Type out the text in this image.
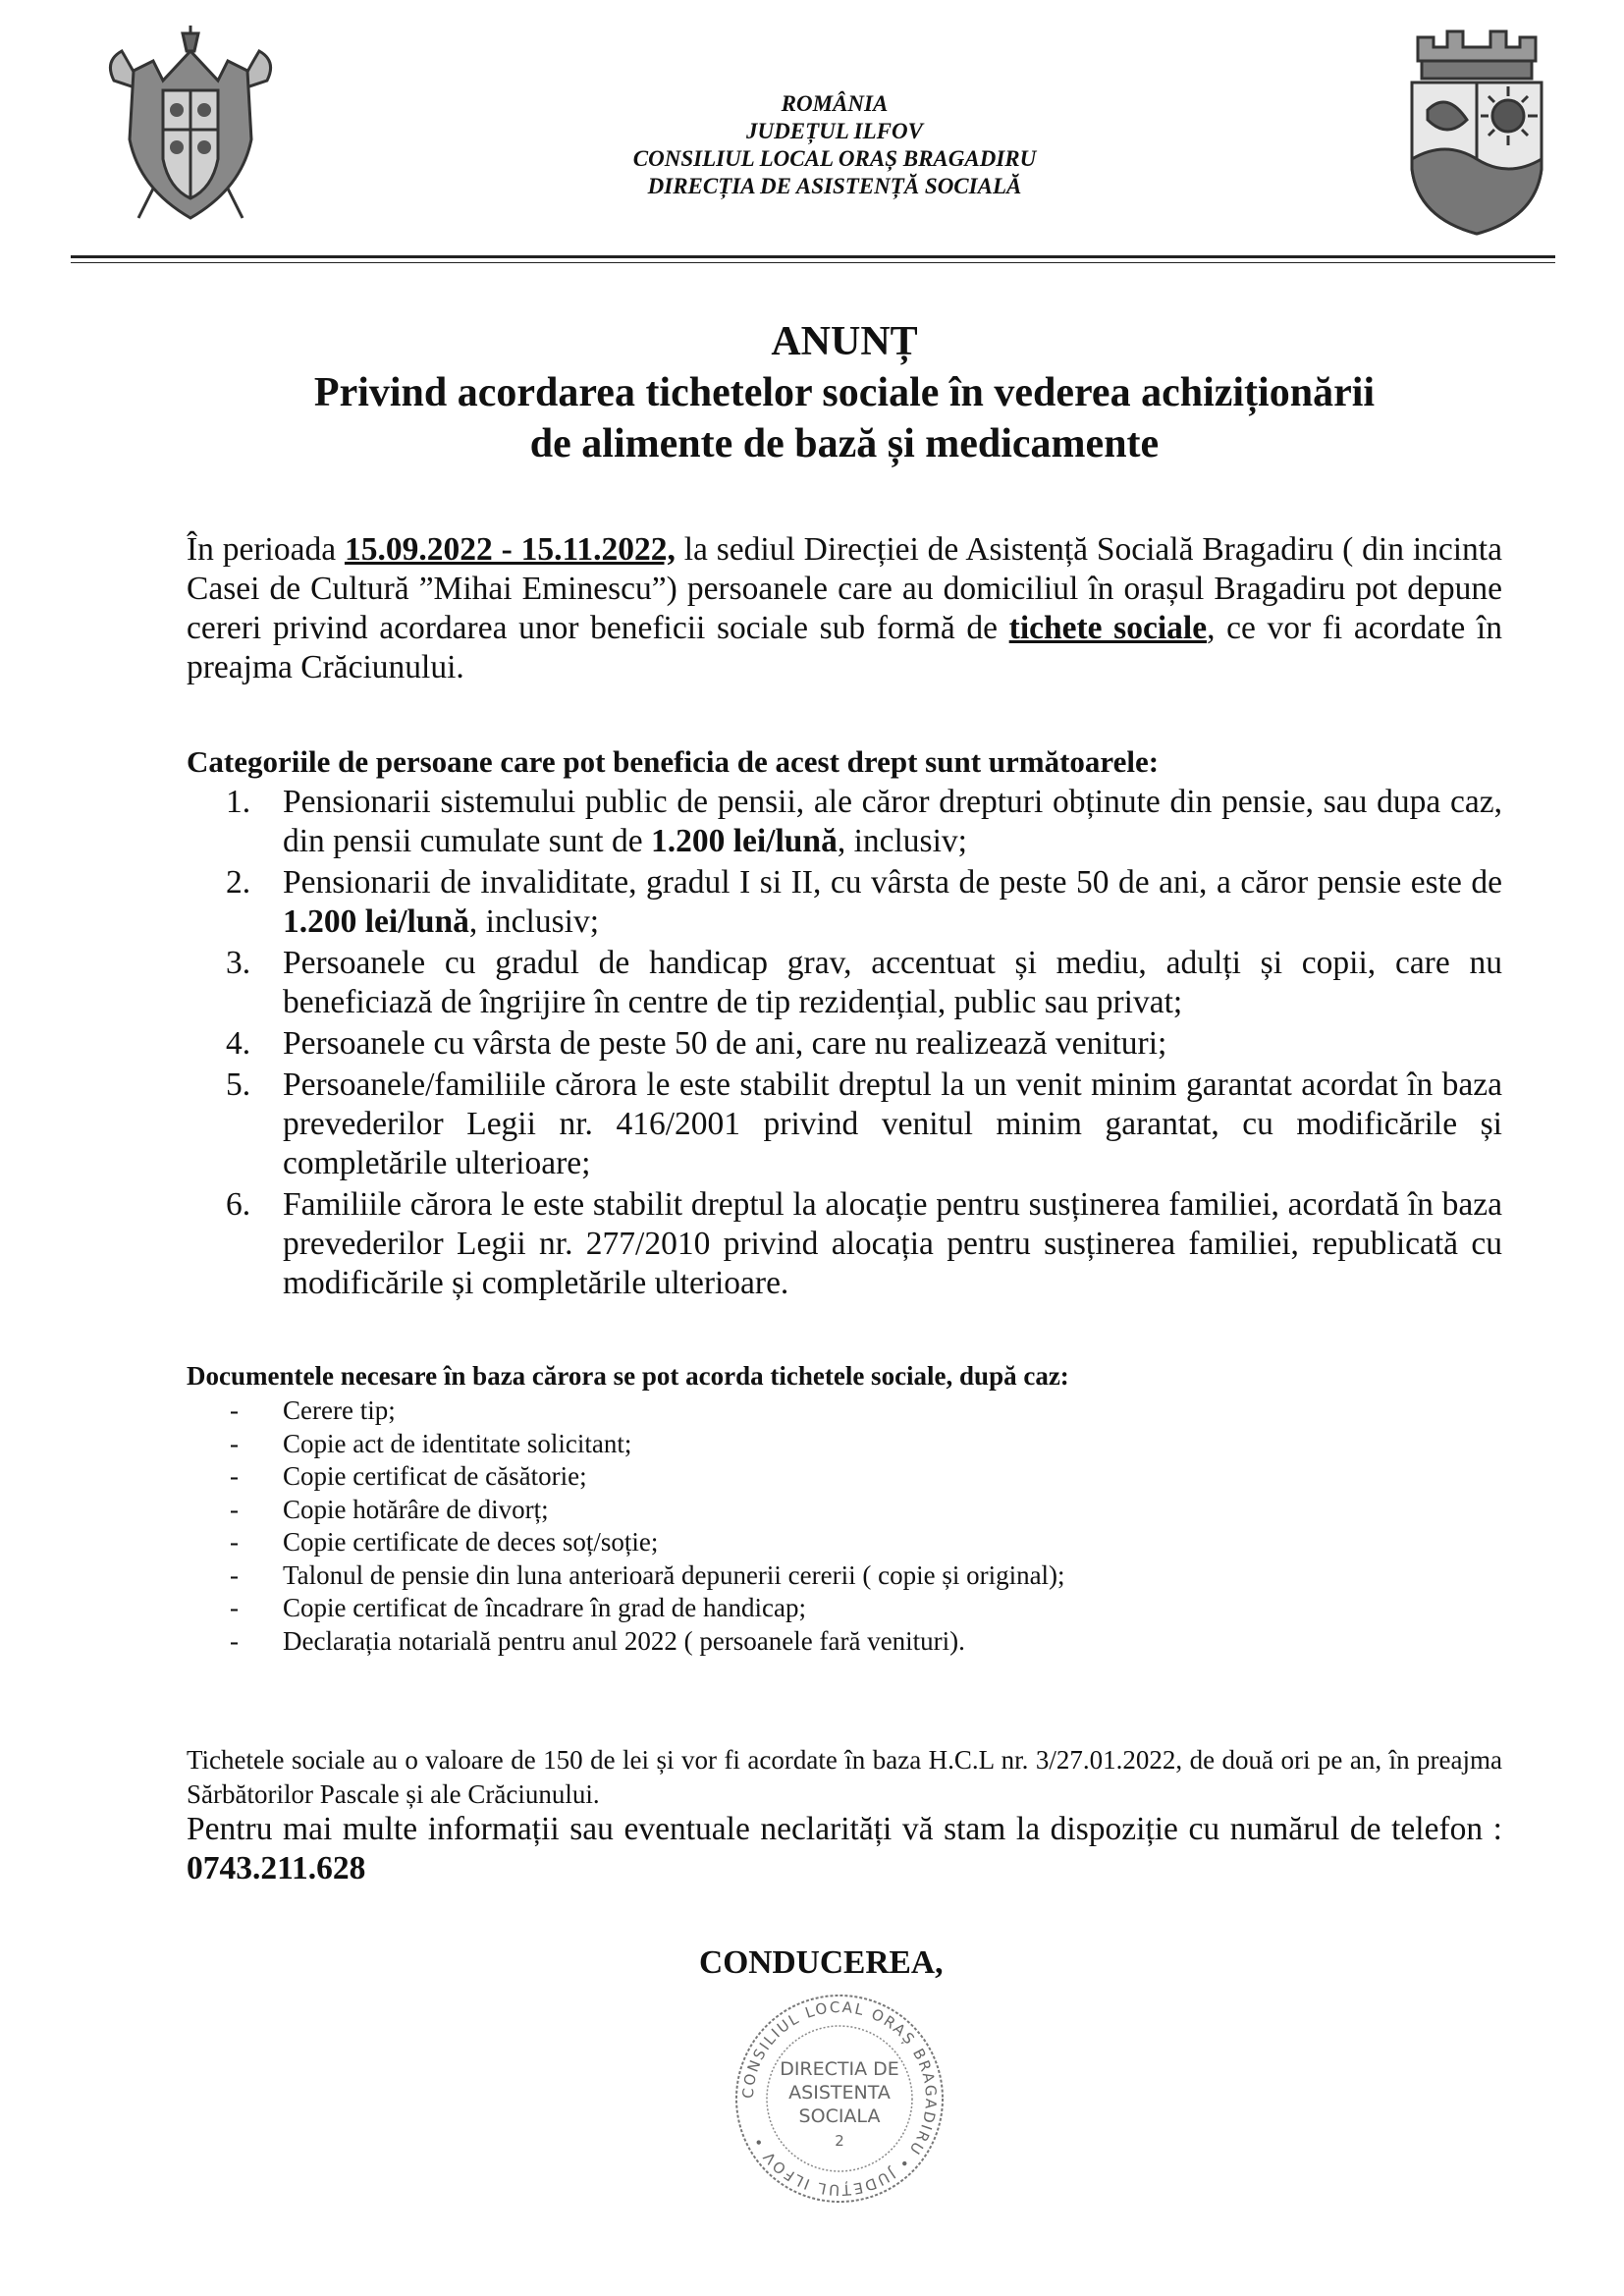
ROMÂNIA
JUDEȚUL ILFOV
CONSILIUL LOCAL ORAȘ BRAGADIRU
DIRECȚIA DE ASISTENȚĂ SOCIALĂ
ANUNȚ
Privind acordarea tichetelor sociale în vederea achiziționării
de alimente de bază și medicamente
În perioada 15.09.2022 - 15.11.2022, la sediul Direcției de Asistență Socială Bragadiru ( din incinta Casei de Cultură ”Mihai Eminescu”) persoanele care au domiciliul în orașul Bragadiru pot depune cereri privind acordarea unor beneficii sociale sub formă de tichete sociale, ce vor fi acordate în preajma Crăciunului.
Categoriile de persoane care pot beneficia de acest drept sunt următoarele:
1. Pensionarii sistemului public de pensii, ale căror drepturi obținute din pensie, sau dupa caz, din pensii cumulate sunt de 1.200 lei/lună, inclusiv;
2. Pensionarii de invaliditate, gradul I si II, cu vârsta de peste 50 de ani, a căror pensie este de 1.200 lei/lună, inclusiv;
3. Persoanele cu gradul de handicap grav, accentuat și mediu, adulți și copii, care nu beneficiază de îngrijire în centre de tip rezidențial, public sau privat;
4. Persoanele cu vârsta de peste 50 de ani, care nu realizează venituri;
5. Persoanele/familiile cărora le este stabilit dreptul la un venit minim garantat acordat în baza prevederilor Legii nr. 416/2001 privind venitul minim garantat, cu modificările și completările ulterioare;
6. Familiile cărora le este stabilit dreptul la alocație pentru susținerea familiei, acordată în baza prevederilor Legii nr. 277/2010 privind alocația pentru susținerea familiei, republicată cu modificările și completările ulterioare.
Documentele necesare în baza cărora se pot acorda tichetele sociale, după caz:
- Cerere tip;
- Copie act de identitate solicitant;
- Copie certificat de căsătorie;
- Copie hotărâre de divorț;
- Copie certificate de deces soț/soție;
- Talonul de pensie din luna anterioară depunerii cererii ( copie și original);
- Copie certificat de încadrare în grad de handicap;
- Declarația notarială pentru anul 2022 ( persoanele fară venituri).
Tichetele sociale au o valoare de 150 de lei și vor fi acordate în baza H.C.L nr. 3/27.01.2022, de două ori pe an, în preajma Sărbătorilor Pascale și ale Crăciunului.
Pentru mai multe informații sau eventuale neclarități vă stam la dispoziție cu numărul de telefon : 0743.211.628
CONDUCEREA,
CONSILIUL LOCAL ORAȘ BRAGADIRU • JUDEȚUL ILFOV •
DIRECTIA DE
ASISTENTA
SOCIALA
2
